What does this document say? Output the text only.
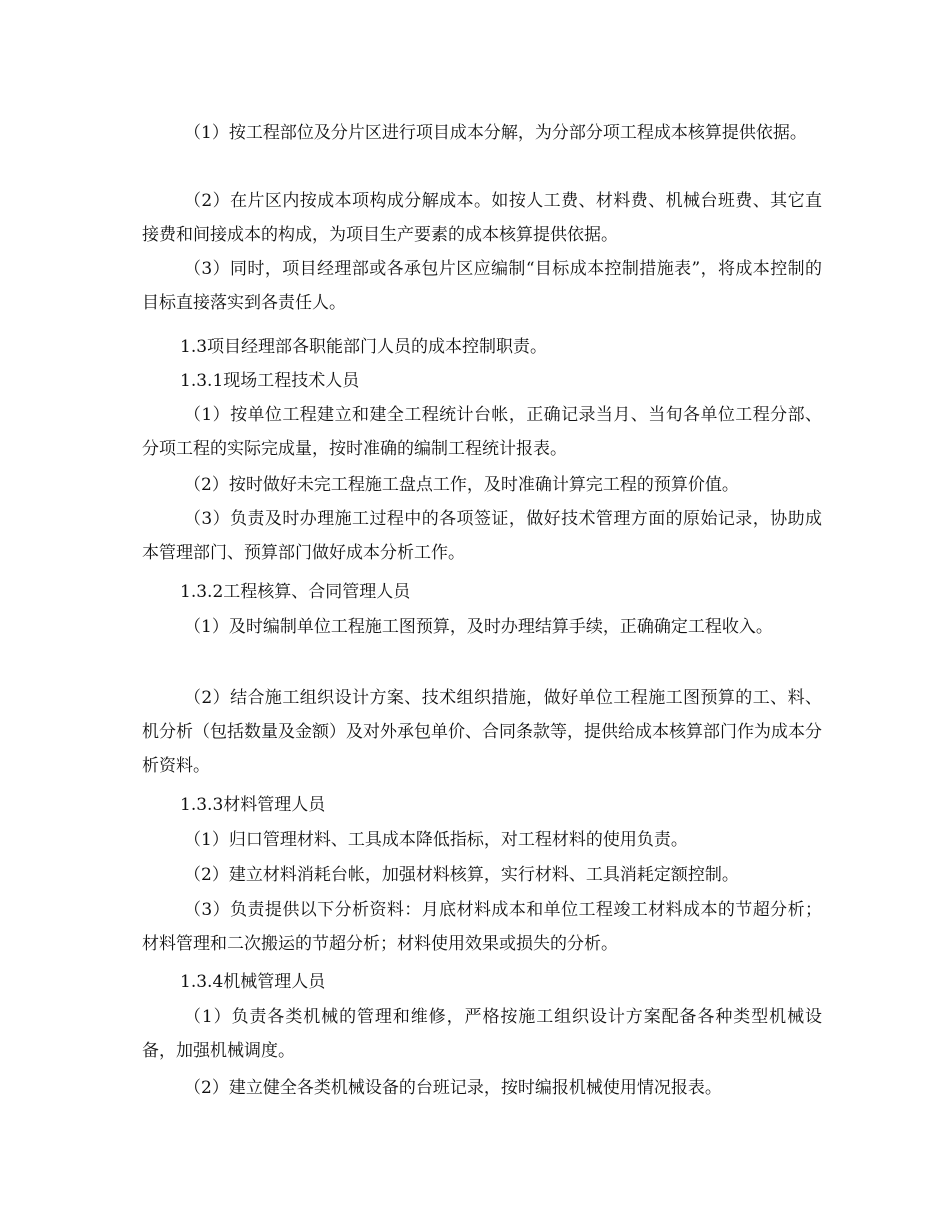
（1）按工程部位及分片区进行项目成本分解，为分部分项工程成本核算提供依据。
（2）在片区内按成本项构成分解成本。如按人工费、材料费、机械台班费、其它直接费和间接成本的构成，为项目生产要素的成本核算提供依据。
（3）同时，项目经理部或各承包片区应编制“目标成本控制措施表”，将成本控制的目标直接落实到各责任人。
1.3项目经理部各职能部门人员的成本控制职责。
1.3.1现场工程技术人员
（1）按单位工程建立和建全工程统计台帐，正确记录当月、当旬各单位工程分部、分项工程的实际完成量，按时准确的编制工程统计报表。
（2）按时做好未完工程施工盘点工作，及时准确计算完工程的预算价值。
（3）负责及时办理施工过程中的各项签证，做好技术管理方面的原始记录，协助成本管理部门、预算部门做好成本分析工作。
1.3.2工程核算、合同管理人员
（1）及时编制单位工程施工图预算，及时办理结算手续，正确确定工程收入。
（2）结合施工组织设计方案、技术组织措施，做好单位工程施工图预算的工、料、机分析（包括数量及金额）及对外承包单价、合同条款等，提供给成本核算部门作为成本分析资料。
1.3.3材料管理人员
（1）归口管理材料、工具成本降低指标，对工程材料的使用负责。
（2）建立材料消耗台帐，加强材料核算，实行材料、工具消耗定额控制。
（3）负责提供以下分析资料：月底材料成本和单位工程竣工材料成本的节超分析；材料管理和二次搬运的节超分析；材料使用效果或损失的分析。
1.3.4机械管理人员
（1）负责各类机械的管理和维修，严格按施工组织设计方案配备各种类型机械设备，加强机械调度。
（2）建立健全各类机械设备的台班记录，按时编报机械使用情况报表。
